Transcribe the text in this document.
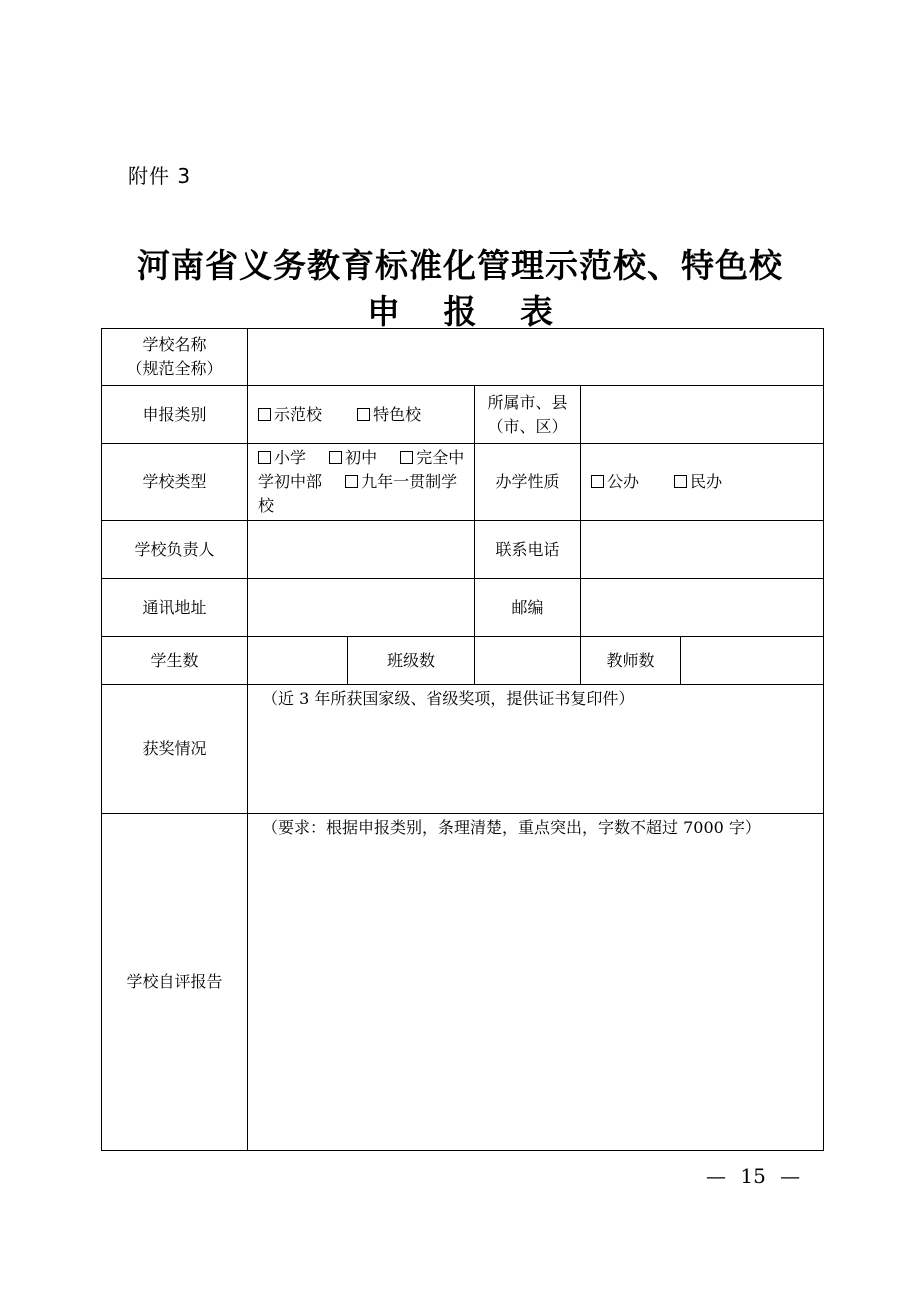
附件 3
河南省义务教育标准化管理示范校、特色校
申 报 表
学校名称
（规范全称）					

申报类别	示范校 特色校		所属市、县
（市、区）		

学校类型	小学 初中 完全中学初中部 九年一贯制学校		办学性质	公办 民办	
学校负责人			联系电话		
通讯地址			邮编		
学生数		班级数		教师数	
获奖情况	（近 3 年所获国家级、省级奖项，提供证书复印件）				
学校自评报告	（要求：根据申报类别，条理清楚，重点突出，字数不超过 7000 字）				
— 15 —
